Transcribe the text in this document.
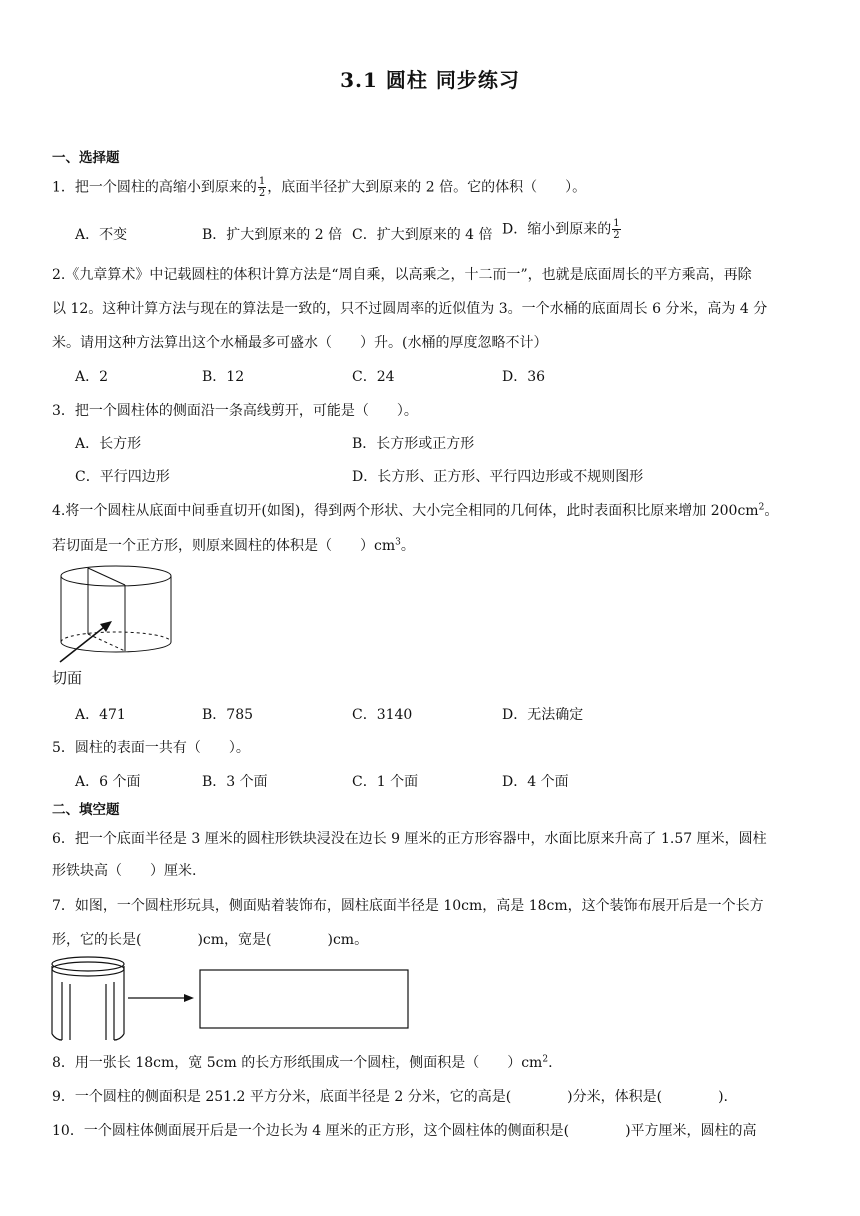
3.1 圆柱 同步练习
一、选择题
1．把一个圆柱的高缩小到原来的 $\frac{1}{2}$ ，底面半径扩大到原来的 2 倍。它的体积（　　）。
A．不变	B．扩大到原来的 2 倍 C．扩大到原来的 4 倍 D．缩小到原来的 $\frac{1}{2}$
2.《九章算术》中记载圆柱的体积计算方法是“周自乘，以高乘之，十二而一”，也就是底面周长的平方乘高，再除
以 12。这种计算方法与现在的算法是一致的，只不过圆周率的近似值为 3。一个水桶的底面周长 6 分米，高为 4 分
米。请用这种方法算出这个水桶最多可盛水（　　）升。(水桶的厚度忽略不计）
A．2	B．12	C．24	D．36
3．把一个圆柱体的侧面沿一条高线剪开，可能是（　　）。
A．长方形	B．长方形或正方形
C．平行四边形	D．长方形、正方形、平行四边形或不规则图形
4.将一个圆柱从底面中间垂直切开(如图)，得到两个形状、大小完全相同的几何体，此时表面积比原来增加 $200cm^2$。
若切面是一个正方形，则原来圆柱的体积是（　　）$cm^3$。
切面
A．471	B．785	C．3140	D．无法确定
5．圆柱的表面一共有（　　）。
A．6 个面	B．3 个面	C．1 个面	D．4 个面
二、填空题
6．把一个底面半径是 3 厘米的圆柱形铁块浸没在边长 9 厘米的正方形容器中，水面比原来升高了 1.57 厘米，圆柱
形铁块高（　　）厘米.
7．如图，一个圆柱形玩具，侧面贴着装饰布，圆柱底面半径是 10cm，高是 18cm，这个装饰布展开后是一个长方
形，它的长是(　　　　)cm，宽是(　　　　)cm。
8．用一张长 18cm，宽 5cm 的长方形纸围成一个圆柱，侧面积是（　　）$cm^2$.
9．一个圆柱的侧面积是 251.2 平方分米，底面半径是 2 分米，它的高是(　　　　)分米，体积是(　　　　).
10．一个圆柱体侧面展开后是一个边长为 4 厘米的正方形，这个圆柱体的侧面积是(　　　　)平方厘米，圆柱的高
